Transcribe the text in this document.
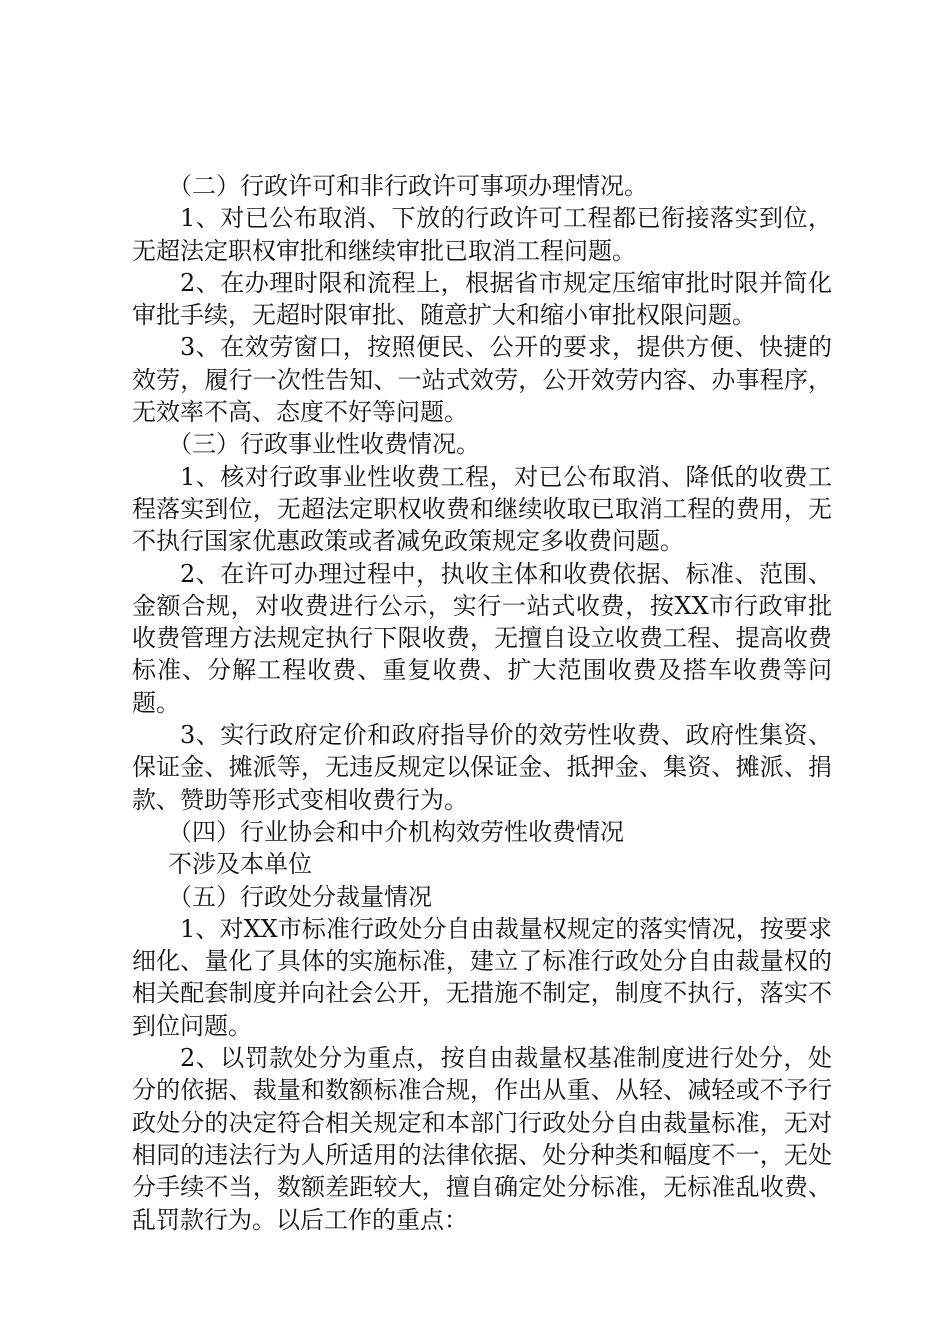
（二）行政许可和非行政许可事项办理情况。

1、对已公布取消、下放的行政许可工程都已衔接落实到位，无超法定职权审批和继续审批已取消工程问题。

2、在办理时限和流程上，根据省市规定压缩审批时限并简化审批手续，无超时限审批、随意扩大和缩小审批权限问题。

3、在效劳窗口，按照便民、公开的要求，提供方便、快捷的效劳，履行一次性告知、一站式效劳，公开效劳内容、办事程序，无效率不高、态度不好等问题。

（三）行政事业性收费情况。

1、核对行政事业性收费工程，对已公布取消、降低的收费工程落实到位，无超法定职权收费和继续收取已取消工程的费用，无不执行国家优惠政策或者减免政策规定多收费问题。

2、在许可办理过程中，执收主体和收费依据、标准、范围、金额合规，对收费进行公示，实行一站式收费，按XX市行政审批收费管理方法规定执行下限收费，无擅自设立收费工程、提高收费标准、分解工程收费、重复收费、扩大范围收费及搭车收费等问题。

3、实行政府定价和政府指导价的效劳性收费、政府性集资、保证金、摊派等，无违反规定以保证金、抵押金、集资、摊派、捐款、赞助等形式变相收费行为。

（四）行业协会和中介机构效劳性收费情况

不涉及本单位

（五）行政处分裁量情况

1、对XX市标准行政处分自由裁量权规定的落实情况，按要求细化、量化了具体的实施标准，建立了标准行政处分自由裁量权的相关配套制度并向社会公开，无措施不制定，制度不执行，落实不到位问题。

2、以罚款处分为重点，按自由裁量权基准制度进行处分，处分的依据、裁量和数额标准合规，作出从重、从轻、减轻或不予行政处分的决定符合相关规定和本部门行政处分自由裁量标准，无对相同的违法行为人所适用的法律依据、处分种类和幅度不一，无处分手续不当，数额差距较大，擅自确定处分标准，无标准乱收费、乱罚款行为。以后工作的重点：
